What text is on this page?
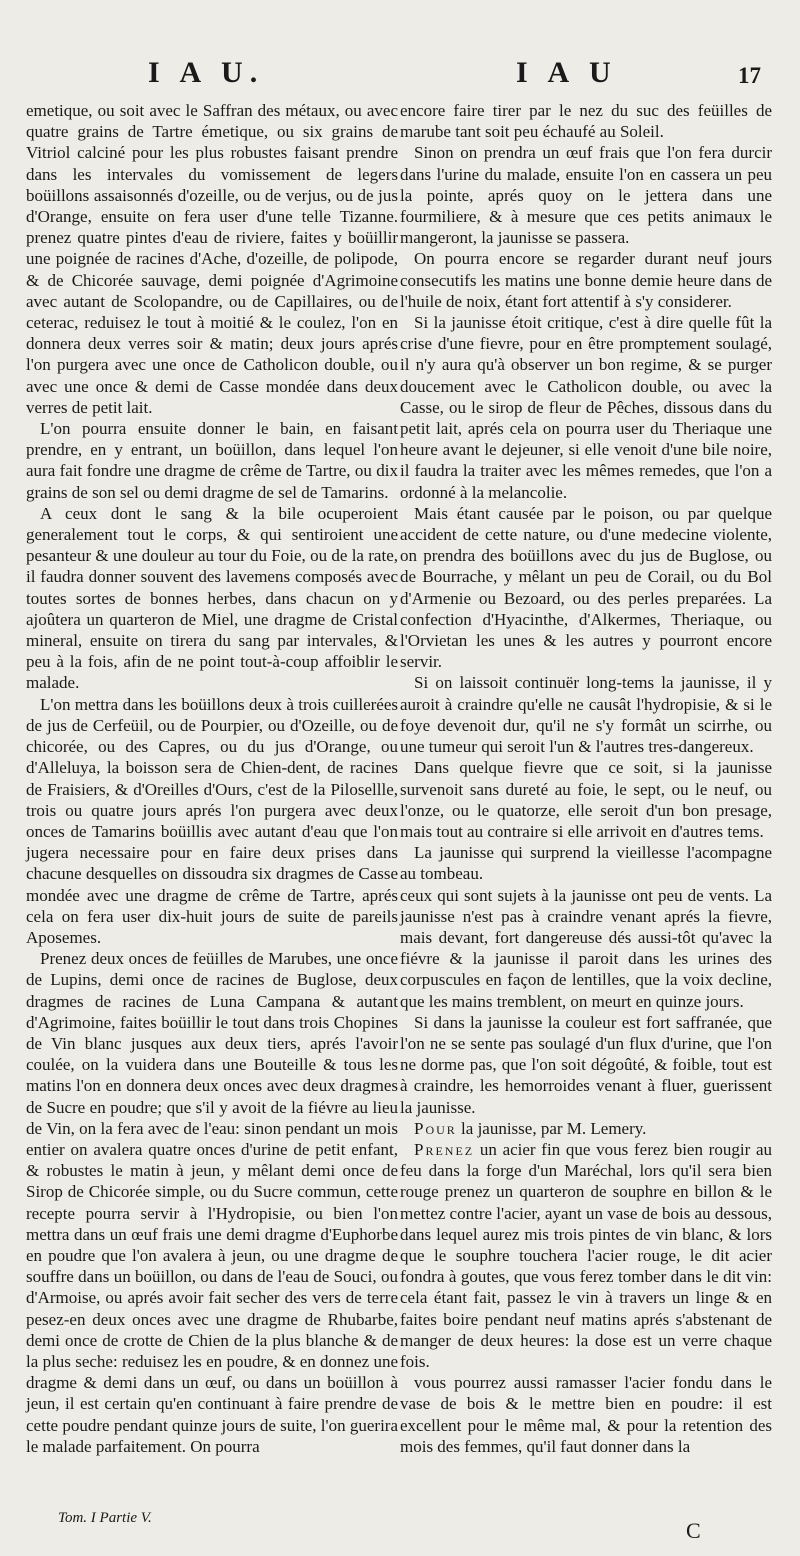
I A U.	I A U	17

emetique, ou soit avec le Saffran des métaux, ou avec quatre grains de Tartre émetique, ou six grains de Vitriol calciné pour les plus robustes faisant prendre dans les intervales du vomissement de legers boüillons assaisonnés d'ozeille, ou de verjus, ou de jus d'Orange, ensuite on fera user d'une telle Tizanne. prenez quatre pintes d'eau de riviere, faites y boüillir une poignée de racines d'Ache, d'ozeille, de polipode, & de Chicorée sauvage, demi poignée d'Agrimoine avec autant de Scolopandre, ou de Capillaires, ou de ceterac, reduisez le tout à moitié & le coulez, l'on en donnera deux verres soir & matin; deux jours aprés l'on purgera avec une once de Catholicon double, ou avec une once & demi de Casse mondée dans deux verres de petit lait.

L'on pourra ensuite donner le bain, en faisant prendre, en y entrant, un boüillon, dans lequel l'on aura fait fondre une dragme de crême de Tartre, ou dix grains de son sel ou demi dragme de sel de Tamarins.

A ceux dont le sang & la bile ocuperoient generalement tout le corps, & qui sentiroient une pesanteur & une douleur au tour du Foie, ou de la rate, il faudra donner souvent des lavemens composés avec toutes sortes de bonnes herbes, dans chacun on y ajoûtera un quarteron de Miel, une dragme de Cristal mineral, ensuite on tirera du sang par intervales, & peu à la fois, afin de ne point tout-à-coup affoiblir le malade.

L'on mettra dans les boüillons deux à trois cuillerées de jus de Cerfeüil, ou de Pourpier, ou d'Ozeille, ou de chicorée, ou des Capres, ou du jus d'Orange, ou d'Alleluya, la boisson sera de Chien-dent, de racines de Fraisiers, & d'Oreilles d'Ours, c'est de la Pilosellle, trois ou quatre jours aprés l'on purgera avec deux onces de Tamarins boüillis avec autant d'eau que l'on jugera necessaire pour en faire deux prises dans chacune desquelles on dissoudra six dragmes de Casse mondée avec une dragme de crême de Tartre, aprés cela on fera user dix-huit jours de suite de pareils Aposemes.

Prenez deux onces de feüilles de Marubes, une once de Lupins, demi once de racines de Buglose, deux dragmes de racines de Luna Campana & autant d'Agrimoine, faites boüillir le tout dans trois Chopines de Vin blanc jusques aux deux tiers, aprés l'avoir coulée, on la vuidera dans une Bouteille & tous les matins l'on en donnera deux onces avec deux dragmes de Sucre en poudre; que s'il y avoit de la fiévre au lieu de Vin, on la fera avec de l'eau: sinon pendant un mois entier on avalera quatre onces d'urine de petit enfant, & robustes le matin à jeun, y mêlant demi once de Sirop de Chicorée simple, ou du Sucre commun, cette recepte pourra servir à l'Hydropisie, ou bien l'on mettra dans un œuf frais une demi dragme d'Euphorbe en poudre que l'on avalera à jeun, ou une dragme de souffre dans un boüillon, ou dans de l'eau de Souci, ou d'Armoise, ou aprés avoir fait secher des vers de terre pesez-en deux onces avec une dragme de Rhubarbe, demi once de crotte de Chien de la plus blanche & de la plus seche: reduisez les en poudre, & en donnez une dragme & demi dans un œuf, ou dans un boüillon à jeun, il est certain qu'en continuant à faire prendre de cette poudre pendant quinze jours de suite, l'on guerira le malade parfaitement. On pourra

encore faire tirer par le nez du suc des feüilles de marube tant soit peu échaufé au Soleil.

Sinon on prendra un œuf frais que l'on fera durcir dans l'urine du malade, ensuite l'on en cassera un peu la pointe, aprés quoy on le jettera dans une fourmiliere, & à mesure que ces petits animaux le mangeront, la jaunisse se passera.

On pourra encore se regarder durant neuf jours consecutifs les matins une bonne demie heure dans de l'huile de noix, étant fort attentif à s'y considerer.

Si la jaunisse étoit critique, c'est à dire quelle fût la crise d'une fievre, pour en être promptement soulagé, il n'y aura qu'à observer un bon regime, & se purger doucement avec le Catholicon double, ou avec la Casse, ou le sirop de fleur de Pêches, dissous dans du petit lait, aprés cela on pourra user du Theriaque une heure avant le dejeuner, si elle venoit d'une bile noire, il faudra la traiter avec les mêmes remedes, que l'on a ordonné à la melancolie.

Mais étant causée par le poison, ou par quelque accident de cette nature, ou d'une medecine violente, on prendra des boüillons avec du jus de Buglose, ou de Bourrache, y mêlant un peu de Corail, ou du Bol d'Armenie ou Bezoard, ou des perles preparées. La confection d'Hyacinthe, d'Alkermes, Theriaque, ou l'Orvietan les unes & les autres y pourront encore servir.

Si on laissoit continuër long-tems la jaunisse, il y auroit à craindre qu'elle ne causât l'hydropisie, & si le foye devenoit dur, qu'il ne s'y formât un scirrhe, ou une tumeur qui seroit l'un & l'autres tres-dangereux.

Dans quelque fievre que ce soit, si la jaunisse survenoit sans dureté au foie, le sept, ou le neuf, ou l'onze, ou le quatorze, elle seroit d'un bon presage, mais tout au contraire si elle arrivoit en d'autres tems.

La jaunisse qui surprend la vieillesse l'acompagne au tombeau.

ceux qui sont sujets à la jaunisse ont peu de vents. La jaunisse n'est pas à craindre venant aprés la fievre, mais devant, fort dangereuse dés aussi-tôt qu'avec la fiévre & la jaunisse il paroit dans les urines des corpuscules en façon de lentilles, que la voix decline, que les mains tremblent, on meurt en quinze jours.

Si dans la jaunisse la couleur est fort saffranée, que l'on ne se sente pas soulagé d'un flux d'urine, que l'on ne dorme pas, que l'on soit dégoûté, & foible, tout est à craindre, les hemorroides venant à fluer, guerissent la jaunisse.

Pour la jaunisse, par M. Lemery.

Prenez un acier fin que vous ferez bien rougir au feu dans la forge d'un Maréchal, lors qu'il sera bien rouge prenez un quarteron de souphre en billon & le mettez contre l'acier, ayant un vase de bois au dessous, dans lequel aurez mis trois pintes de vin blanc, & lors que le souphre touchera l'acier rouge, le dit acier fondra à goutes, que vous ferez tomber dans le dit vin: cela étant fait, passez le vin à travers un linge & en faites boire pendant neuf matins aprés s'abstenant de manger de deux heures: la dose est un verre chaque fois.

vous pourrez aussi ramasser l'acier fondu dans le vase de bois & le mettre bien en poudre: il est excellent pour le même mal, & pour la retention des mois des femmes, qu'il faut donner dans la

Tom. I Partie V.	C
